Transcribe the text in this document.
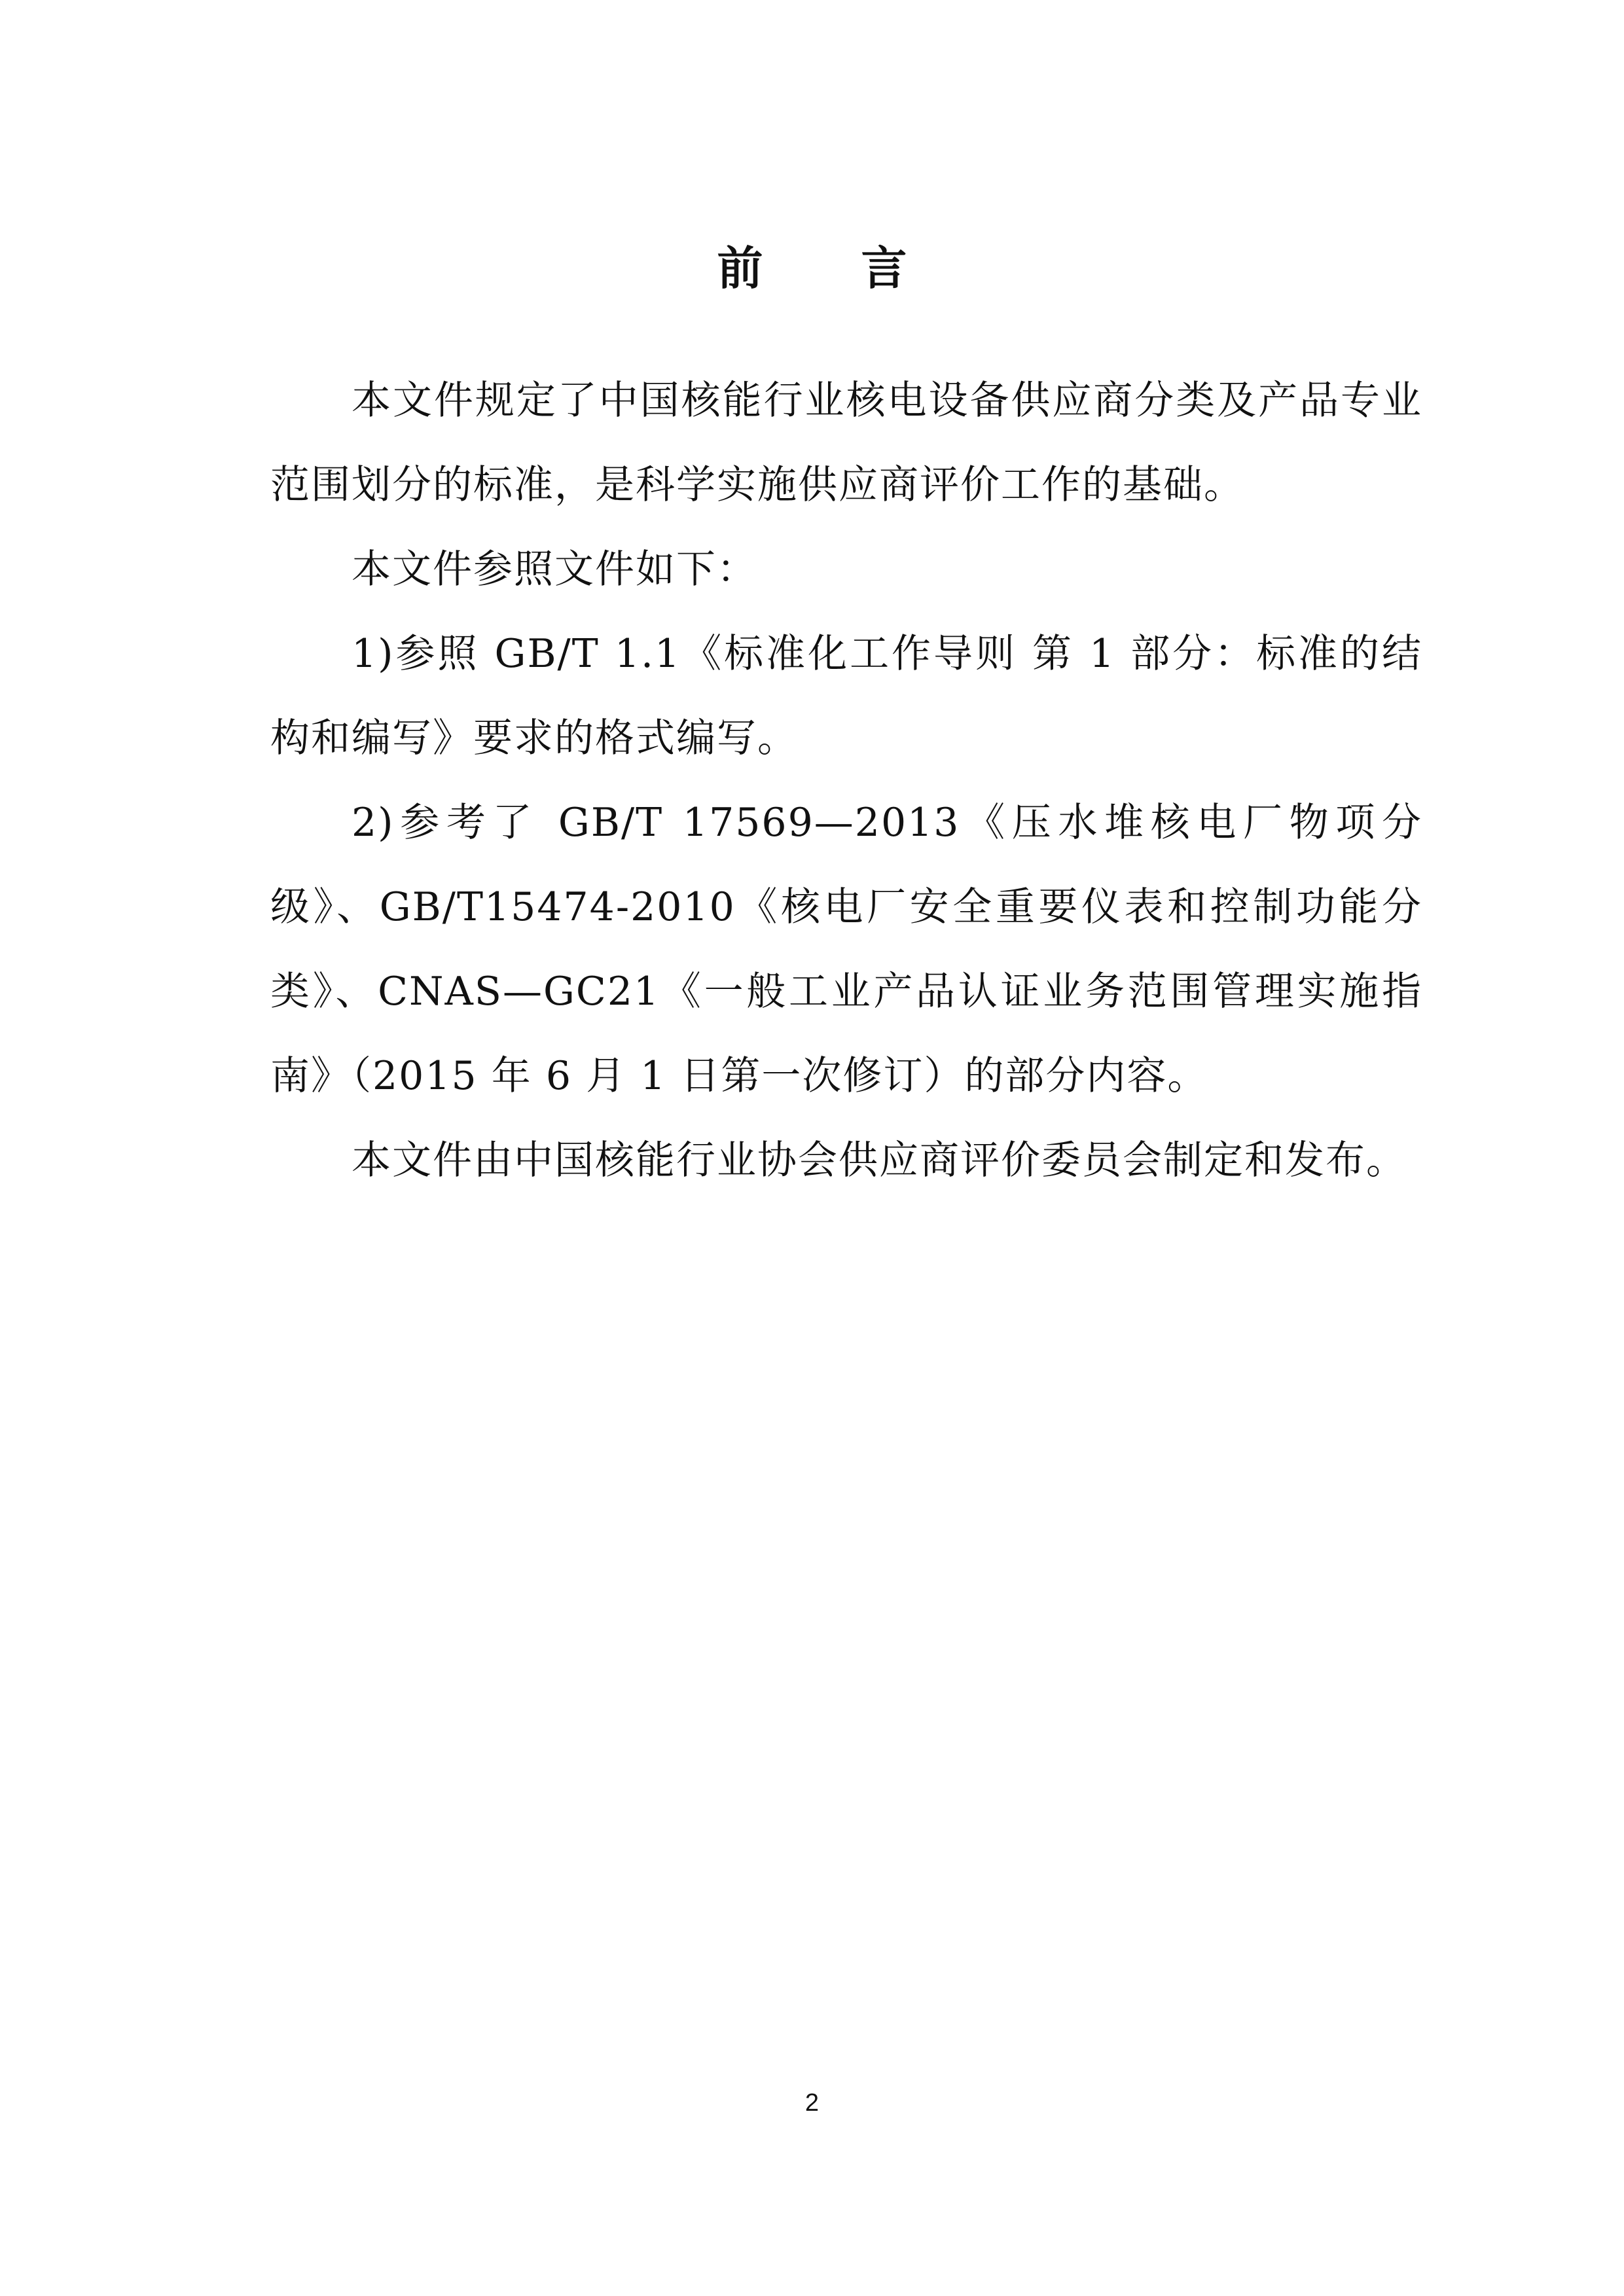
前言

本文件规定了中国核能行业核电设备供应商分类及产品专业范围划分的标准，是科学实施供应商评价工作的基础。

本文件参照文件如下：

1)参照 GB/T 1.1《标准化工作导则 第 1 部分：标准的结构和编写》要求的格式编写。

2)参考了 GB/T 17569—2013《压水堆核电厂物项分级》、GB/T15474-2010《核电厂安全重要仪表和控制功能分类》、CNAS—GC21《一般工业产品认证业务范围管理实施指南》（2015 年 6 月 1 日第一次修订）的部分内容。

本文件由中国核能行业协会供应商评价委员会制定和发布。

2
